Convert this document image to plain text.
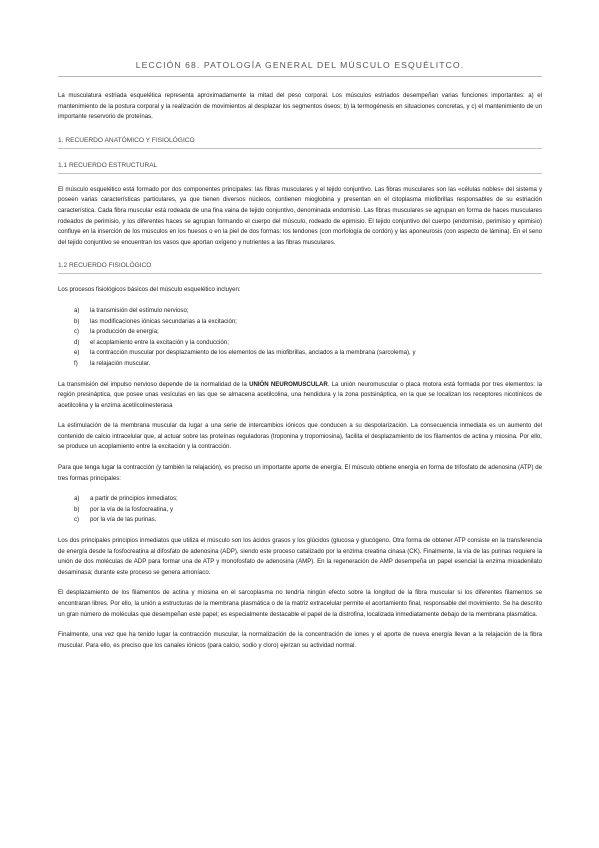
LECCIÓN 68. PATOLOGÍA GENERAL DEL MÚSCULO ESQUÉLITCO.

La musculatura estriada esquelética representa aproximadamente la mitad del peso corporal. Los músculos estriados desempeñan varias funciones importantes: a) el mantenimiento de la postura corporal y la realización de movimientos al desplazar los segmentos óseos; b) la termogénesis en situaciones concretas, y c) el mantenimiento de un importante reservorio de proteínas.

1. RECUERDO ANATÓMICO Y FISIOLÓGICO
1.1 RECUERDO ESTRUCTURAL

El músculo esquelético está formado por dos componentes principales: las fibras musculares y el tejido conjuntivo. Las fibras musculares son las «células nobles» del sistema y poseen varias características particulares, ya que tienen diversos núcleos, contienen mioglobina y presentan en el citoplasma miofibrillas responsables de su estriación característica. Cada fibra muscular está rodeada de una fina vaina de tejido conjuntivo, denominada endomisio. Las fibras musculares se agrupan en forma de haces musculares rodeados de perimisio, y los diferentes haces se agrupan formando el cuerpo del músculo, rodeado de epimisio. El tejido conjuntivo del cuerpo (endomisio, perimisio y epimisio) confluye en la inserción de los músculos en los huesos o en la piel de dos formas: los tendones (con morfología de cordón) y las aponeurosis (con aspecto de lámina). En el seno del tejido conjuntivo se encuentran los vasos que aportan oxígeno y nutrientes a las fibras musculares.

1.2 RECUERDO FISIOLÓGICO

Los procesos fisiológicos básicos del músculo esquelético incluyen:

a)	la transmisión del estímulo nervioso;
b)	las modificaciones iónicas secundarias a la excitación;
c)	la producción de energía;
d)	el acoplamiento entre la excitación y la conducción;
e)	la contracción muscular por desplazamiento de los elementos de las miofibrillas, anclados a la membrana (sarcolema), y
f)	la relajación muscular.

La transmisión del impulso nervioso depende de la normalidad de la UNIÓN NEUROMUSCULAR. La unión neuromuscular o placa motora está formada por tres elementos: la región presináptica, que posee unas vesículas en las que se almacena acetilcolina, una hendidura y la zona postsináptica, en la que se localizan los receptores nicotínicos de acetilcolina y la enzima acetilcolinesterasa

La estimulación de la membrana muscular da lugar a una serie de intercambios iónicos que conducen a su despolarización. La consecuencia inmediata es un aumento del contenido de calcio intracelular que, al actuar sobre las proteínas reguladoras (troponina y tropomiosina), facilita el desplazamiento de los filamentos de actina y miosina. Por ello, se produce un acoplamiento entre la excitación y la contracción.

Para que tenga lugar la contracción (y también la relajación), es preciso un importante aporte de energía. El músculo obtiene energía en forma de trifosfato de adenosina (ATP) de tres formas principales:

a)	a partir de principios inmediatos;
b)	por la vía de la fosfocreatina, y
c)	por la vía de las purinas.

Los dos principales principios inmediatos que utiliza el músculo son los ácidos grasos y los glúcidos (glucosa y glucógeno. Otra forma de obtener ATP consiste en la transferencia de energía desde la fosfocreatina al difosfato de adenosina (ADP), siendo este proceso catalizado por la enzima creatina cinasa (CK). Finalmente, la vía de las purinas requiere la unión de dos moléculas de ADP para formar una de ATP y monofosfato de adenosina (AMP). En la regeneración de AMP desempeña un papel esencial la enzima mioadenilato desaminasa; durante este proceso se genera amoníaco.

El desplazamiento de los filamentos de actina y miosina en el sarcoplasma no tendría ningún efecto sobre la longitud de la fibra muscular si los diferentes filamentos se encontraran libres. Por ello, la unión a estructuras de la membrana plasmática o de la matriz extracelular permite el acortamiento final, responsable del movimiento. Se ha descrito un gran número de moléculas que desempeñan este papel; es especialmente destacable el papel de la distrofina, localizada inmediatamente debajo de la membrana plasmática.

Finalmente, una vez que ha tenido lugar la contracción muscular, la normalización de la concentración de iones y el aporte de nueva energía llevan a la relajación de la fibra muscular. Para ello, es preciso que los canales iónicos (para calcio, sodio y cloro) ejerzan su actividad normal.
